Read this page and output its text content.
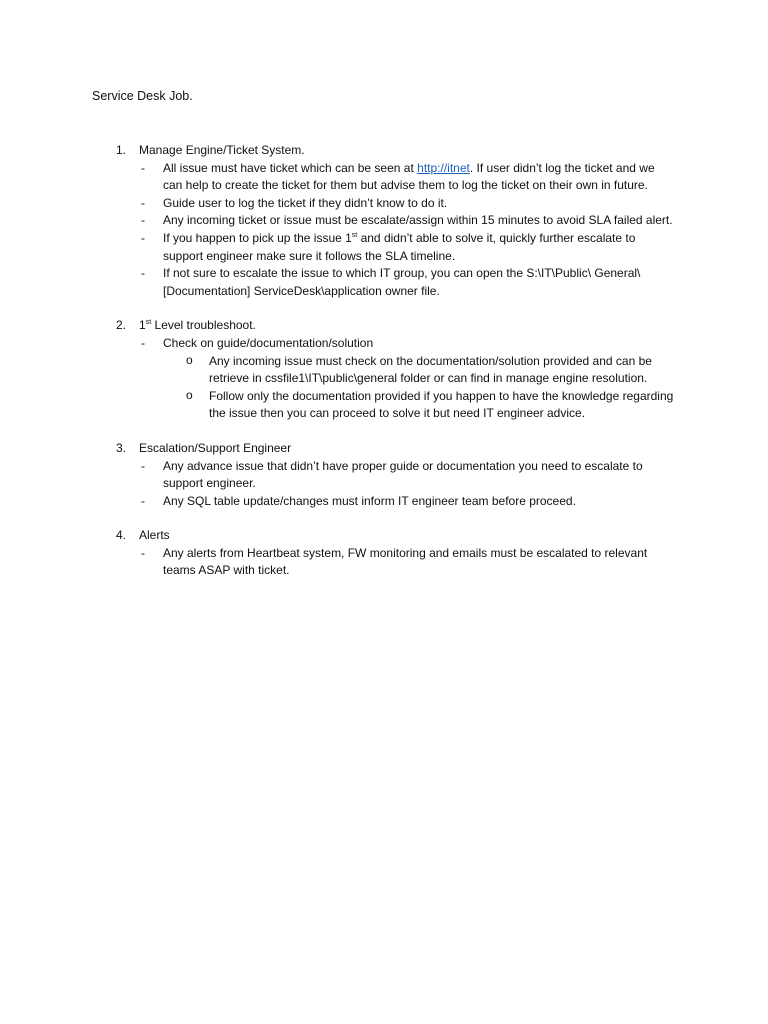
Service Desk Job.
1. Manage Engine/Ticket System.
- All issue must have ticket which can be seen at http://itnet. If user didn’t log the ticket and we can help to create the ticket for them but advise them to log the ticket on their own in future.
- Guide user to log the ticket if they didn’t know to do it.
- Any incoming ticket or issue must be escalate/assign within 15 minutes to avoid SLA failed alert.
- If you happen to pick up the issue 1st and didn’t able to solve it, quickly further escalate to support engineer make sure it follows the SLA timeline.
- If not sure to escalate the issue to which IT group, you can open the S:\IT\Public\ General\[Documentation] ServiceDesk\application owner file.
2. 1st Level troubleshoot.
- Check on guide/documentation/solution
o Any incoming issue must check on the documentation/solution provided and can be retrieve in cssfile1\IT\public\general folder or can find in manage engine resolution.
o Follow only the documentation provided if you happen to have the knowledge regarding the issue then you can proceed to solve it but need IT engineer advice.
3. Escalation/Support Engineer
- Any advance issue that didn’t have proper guide or documentation you need to escalate to support engineer.
- Any SQL table update/changes must inform IT engineer team before proceed.
4. Alerts
- Any alerts from Heartbeat system, FW monitoring and emails must be escalated to relevant teams ASAP with ticket.
